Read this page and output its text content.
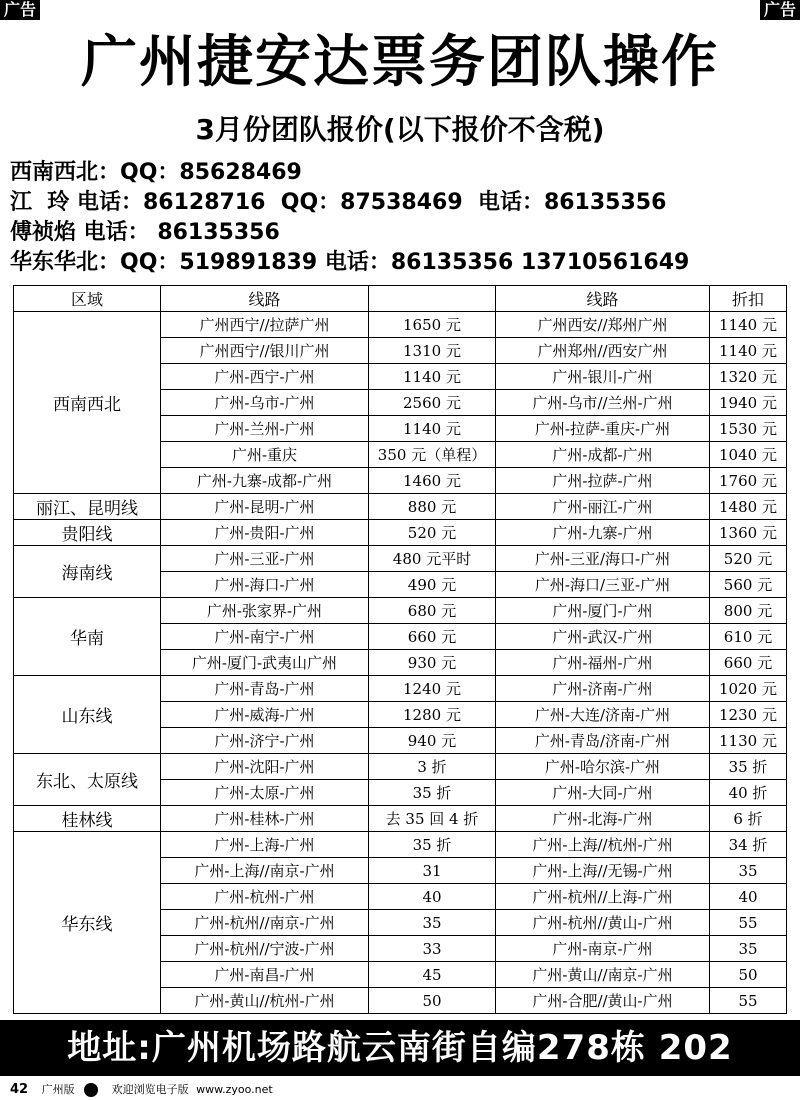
广告	广告
广州捷安达票务团队操作
3月份团队报价(以下报价不含税)
西南西北：QQ：85628469
江  玲 电话：86128716  QQ：87538469  电话：86135356
傅祯焰 电话： 86135356
华东华北：QQ：519891839 电话：86135356 13710561649
区域	线路		线路	折扣
西南西北	广州西宁//拉萨广州	1650 元	广州西安//郑州广州	1140 元
	广州西宁//银川广州	1310 元	广州郑州//西安广州	1140 元
	广州-西宁-广州	1140 元	广州-银川-广州	1320 元
	广州-乌市-广州	2560 元	广州-乌市//兰州-广州	1940 元
	广州-兰州-广州	1140 元	广州-拉萨-重庆-广州	1530 元
	广州-重庆	350 元（单程）	广州-成都-广州	1040 元
	广州-九寨-成都-广州	1460 元	广州-拉萨-广州	1760 元
丽江、昆明线	广州-昆明-广州	880 元	广州-丽江-广州	1480 元
贵阳线	广州-贵阳-广州	520 元	广州-九寨-广州	1360 元
海南线	广州-三亚-广州	480 元平时	广州-三亚/海口-广州	520 元
	广州-海口-广州	490 元	广州-海口/三亚-广州	560 元
华南	广州-张家界-广州	680 元	广州-厦门-广州	800 元
	广州-南宁-广州	660 元	广州-武汉-广州	610 元
	广州-厦门-武夷山广州	930 元	广州-福州-广州	660 元
山东线	广州-青岛-广州	1240 元	广州-济南-广州	1020 元
	广州-威海-广州	1280 元	广州-大连/济南-广州	1230 元
	广州-济宁-广州	940 元	广州-青岛/济南-广州	1130 元
东北、太原线	广州-沈阳-广州	3 折	广州-哈尔滨-广州	35 折
	广州-太原-广州	35 折	广州-大同-广州	40 折
桂林线	广州-桂林-广州	去 35 回 4 折	广州-北海-广州	6 折
华东线	广州-上海-广州	35 折	广州-上海//杭州-广州	34 折
	广州-上海//南京-广州	31	广州-上海//无锡-广州	35
	广州-杭州-广州	40	广州-杭州//上海-广州	40
	广州-杭州//南京-广州	35	广州-杭州//黄山-广州	55
	广州-杭州//宁波-广州	33	广州-南京-广州	35
	广州-南昌-广州	45	广州-黄山//南京-广州	50
	广州-黄山//杭州-广州	50	广州-合肥//黄山-广州	55
地址:广州机场路航云南街自编278栋 202
42 广州版	欢迎浏览电子版 www.zyoo.net
